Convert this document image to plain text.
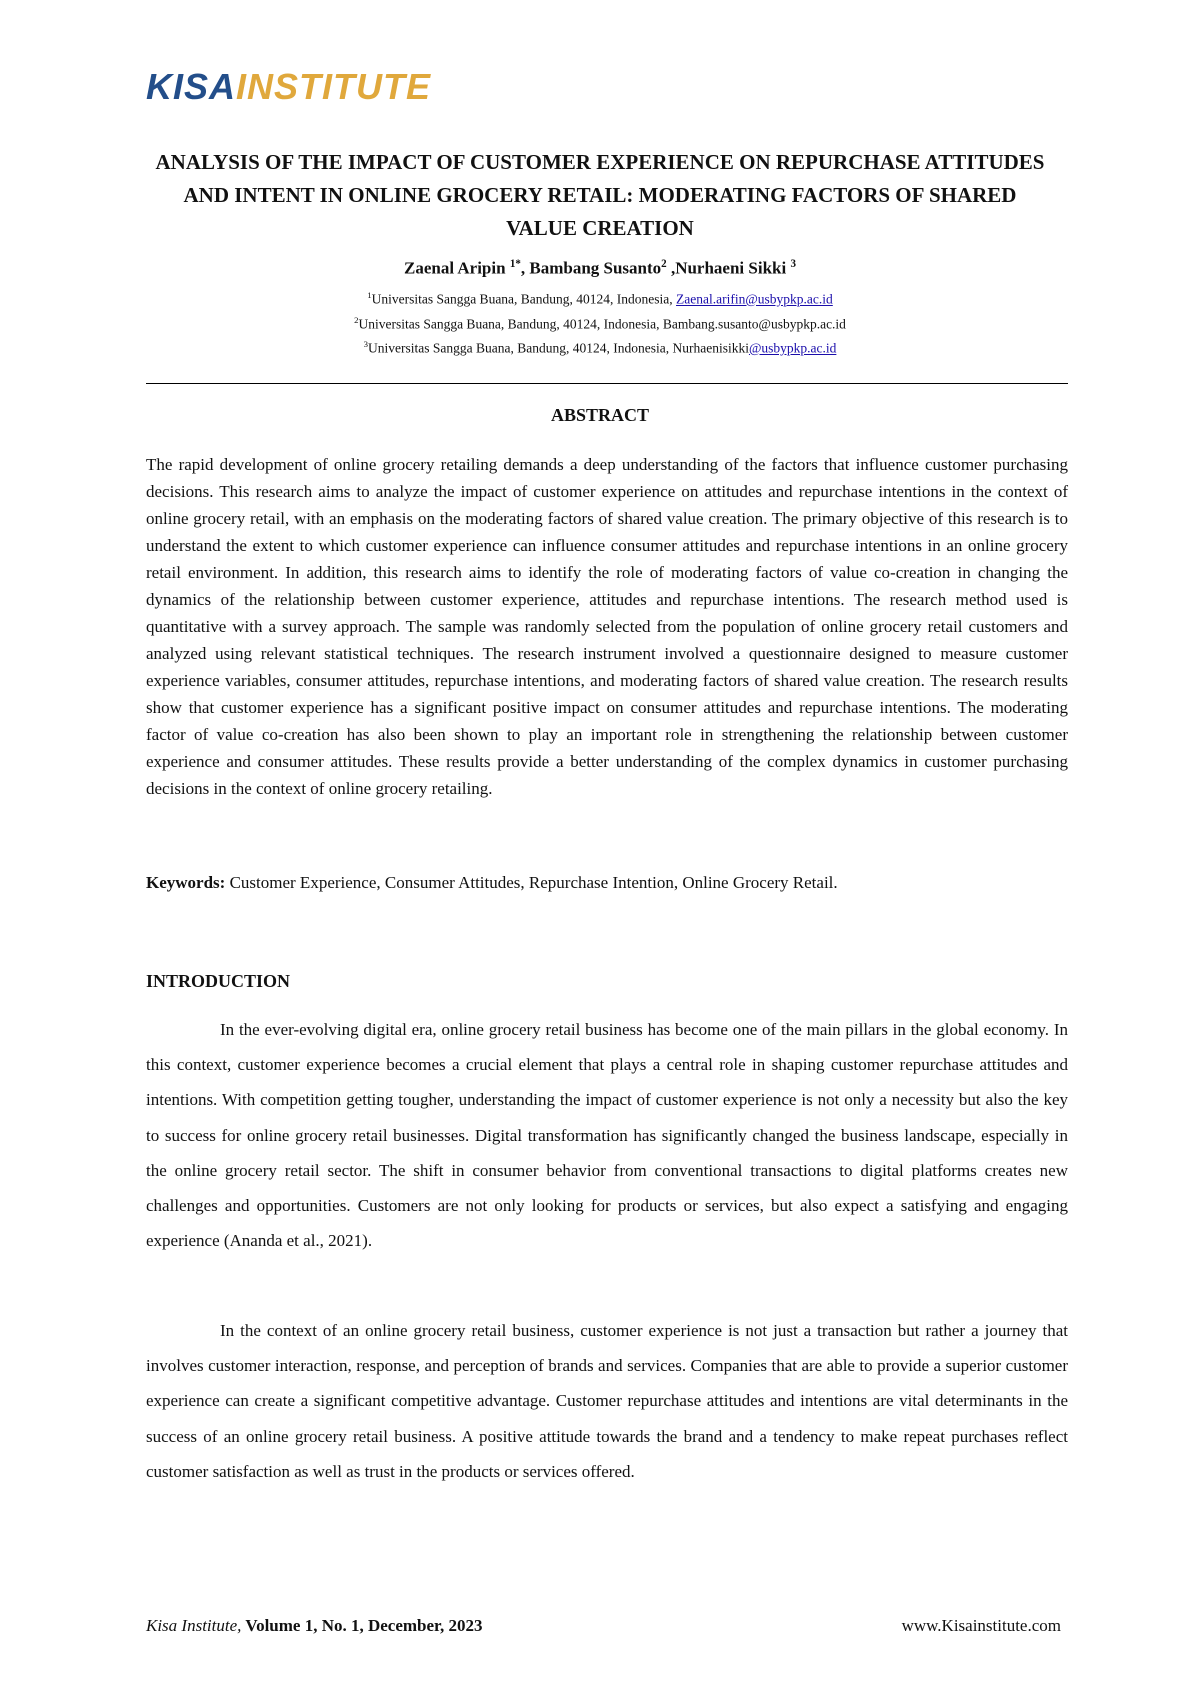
KISAINSTITUTE
ANALYSIS OF THE IMPACT OF CUSTOMER EXPERIENCE ON REPURCHASE ATTITUDES AND INTENT IN ONLINE GROCERY RETAIL: MODERATING FACTORS OF SHARED VALUE CREATION
Zaenal Aripin $^{1*}$, Bambang Susanto$^2$ ,Nurhaeni Sikki $^3$
$^1$Universitas Sangga Buana, Bandung, 40124, Indonesia, Zaenal.arifin@usbypkp.ac.id
$^2$Universitas Sangga Buana, Bandung, 40124, Indonesia, Bambang.susanto@usbypkp.ac.id
$^3$Universitas Sangga Buana, Bandung, 40124, Indonesia, Nurhaenisikki@usbypkp.ac.id
ABSTRACT

The rapid development of online grocery retailing demands a deep understanding of the factors that influence customer purchasing decisions. This research aims to analyze the impact of customer experience on attitudes and repurchase intentions in the context of online grocery retail, with an emphasis on the moderating factors of shared value creation. The primary objective of this research is to understand the extent to which customer experience can influence consumer attitudes and repurchase intentions in an online grocery retail environment. In addition, this research aims to identify the role of moderating factors of value co-creation in changing the dynamics of the relationship between customer experience, attitudes and repurchase intentions. The research method used is quantitative with a survey approach. The sample was randomly selected from the population of online grocery retail customers and analyzed using relevant statistical techniques. The research instrument involved a questionnaire designed to measure customer experience variables, consumer attitudes, repurchase intentions, and moderating factors of shared value creation. The research results show that customer experience has a significant positive impact on consumer attitudes and repurchase intentions. The moderating factor of value co-creation has also been shown to play an important role in strengthening the relationship between customer experience and consumer attitudes. These results provide a better understanding of the complex dynamics in customer purchasing decisions in the context of online grocery retailing.

Keywords: Customer Experience, Consumer Attitudes, Repurchase Intention, Online Grocery Retail.
INTRODUCTION

In the ever-evolving digital era, online grocery retail business has become one of the main pillars in the global economy. In this context, customer experience becomes a crucial element that plays a central role in shaping customer repurchase attitudes and intentions. With competition getting tougher, understanding the impact of customer experience is not only a necessity but also the key to success for online grocery retail businesses. Digital transformation has significantly changed the business landscape, especially in the online grocery retail sector. The shift in consumer behavior from conventional transactions to digital platforms creates new challenges and opportunities. Customers are not only looking for products or services, but also expect a satisfying and engaging experience (Ananda et al., 2021).

In the context of an online grocery retail business, customer experience is not just a transaction but rather a journey that involves customer interaction, response, and perception of brands and services. Companies that are able to provide a superior customer experience can create a significant competitive advantage. Customer repurchase attitudes and intentions are vital determinants in the success of an online grocery retail business. A positive attitude towards the brand and a tendency to make repeat purchases reflect customer satisfaction as well as trust in the products or services offered.

Kisa Institute, Volume 1, No. 1, December, 2023	www.Kisainstitute.com
